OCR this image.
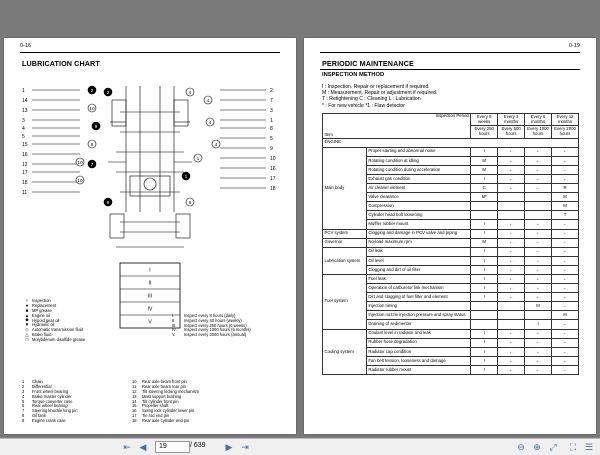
0-16
LUBRICATION CHART
I
II
III
IV
V
1
14
13
3
4
5
15
16
12
17
18
11
2
7
3
1
8
5
9
10
16
17
18
2
10
9
8
7
10
2	4
4
4
4
1
1
10
6	6
○ Inspection
● Replacement
■ MP grease
▲ Engine oil
◆ Hypoid gear oil
▼ Hydraulic oil
◇ Automatic transmission fluid
△ Brake fluid
□ Molybdenum disulfide grease
I. Inspect every 8 hours (daily)
II. Inspect every 40 hours (weekly)
III. Inspect every 250 hours (6 weeks)
IV. Inspect every 1000 hours (6 months)
V. Inspect every 2000 hours (annual)
1 Chain
2 Differential
3 Front wheel bearing
4 Brake master cylinder
5 Torque converter case
6 Rear wheel bearing
7 Steering knuckle king pin
8 Oil tank
9 Engine crank case
10 Rear axle beam front pin
11 Rear axle beam rear pin
12 Tilt steering locking mechanism
13 Mast support bushing
14 Tilt cylinder front pin
15 Propeller shaft
16 Swing lock cylinder lower pin
17 Tie rod end pin
18 Rear axle cylinder end pin
0-19
PERIODIC MAINTENANCE
INSPECTION METHOD
I : Inspection. Repair or replacement if required.
M : Measurement. Repair or adjustment if required.
T : Retightening C : Cleaning L : Lubrication
* : For new vehicle *1 : Flaw detector
Inspection Period
Item		Every 6 weeks	Every 3 months	Every 6 months	Every 12 months
		Every 250 hours	Every 500 hours	Every 1000 hours	Every 2000 hours
ENGINE					
Main body	Proper starting and abnormal noise	I	←	←	←
	Rotating condition at idling	M	←	←	←
	Rotating condition during acceleration	M	←	←	←
	Exhaust gas condition	I	←	←	←
	Air cleaner element	C	←	←	R
	Valve clearance	M*			M
	Compression				M
	Cylinder head bolt loosening				T
	Muffler rubber mount	I	←	←	←
PCV system	Clogging and damage in PCV valve and piping	I	←	←	←
Governor	No-load maximum rpm	M	←	←	←
Lubrication system	Oil leak	I	←	←	←
	Oil level	I	←	←	←
	Clogging and dirt of oil filter	I	←	←	←
Fuel system	Fuel leak	I	←	←	←
	Operation of carburetor link mechanism	I	←	←	←
	Dirt and clogging of fuel filter and element	I	←	←	←
	Injection timing			M	←
	Injection nozzle injection pressure and spray status				M
	Draining of sedimenter			I	←
Cooling system	Coolant level in radiator and leak	I	←	←	←
	Rubber hose degradation	I	←	←	←
	Radiator cap condition	I	←	←	←
	Fan belt tension, looseness and damage	I	←	←	←
	Radiator rubber mount	I	←	←	←
⇤ ◀	19	/ 639	▶ ⇥	⊖ ⊕ ⤢	⛶ ☰
